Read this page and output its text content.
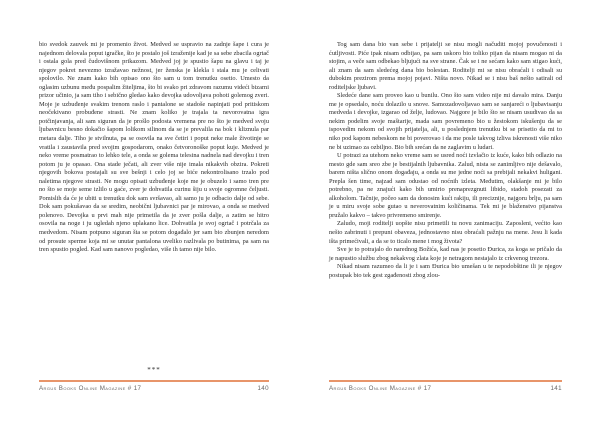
bio svedok zauvek mi je promenio život. Medved se uspravio na zadnje šape i cura je najednom delovala poput igračke, što je postalo još izraženije kad je sa sebe zbacila ogrtač i ostala gola pred čudovišnom prikazom. Medved joj je spustio šapu na glavu i taj je njegov pokret nevezmo izražavao nežnost, jer ženska je klekla i stala mu je celivati spolovilo. Ne znam kako bih opisao ono što sam u tom trenutku osetio. Umesto da oglasim uzbunu među pospalim žiteljima, što bi svako pri zdravom razumu videći bizarni prizor učinio, ja sam tiho i sebično gledao kako devojka udovoljava pohoti golemog zveri. Moje je uzbuđenje svakim trenom raslo i pantalone se stadoše napinjati pod pritiskom neočekivano probuđene strasti. Ne znam koliko je trajala ta nevorovatna igra potčinjavanja, ali sam siguran da je prošlo podosta vremena pre no što je medved svoju ljubavnicu besno dokačio šapom lolikom silinom da se je prevalila na bok i kliznula par metara dalje. Tiho je stvilnuta, pa se osovila na sve četiri i poput neke male životinje se vratila i zaustavila pred svojim gospodarom, onako četvoronoške poput kuje. Medved je neko vreme posmatrao to lehko tele, a onda se golema telesina nadnela nad devojku i tren potom ju je opasao. Ona stade ječati, ali zver više nije imala nikakvih obzira. Pokreti njegovih bokova postajali su sve bešnji i celo joj se biće nekontrolisano trzalo pod naletima njegove strasti. Ne mogu opisati uzbuđenje koje me je obuzelo i samo tren pre no što se moje seme izlilo u gaće, zver je dohvatila curinu šiju u svoje ogromne čeljusti. Pomislih da će je ubiti u trenutku dok sam svršavao, ali samo ju je odbacio dalje od sebe. Dok sam pokušavao da se sredim, neobični ljubavnici par je mirovao, a onda se medved polenovo. Devojka u prvi mah nije primetila da je zver pošla dalje, a zatim se hitro osovila na noge i ju ugledah njeno uplakano lice. Dohvatila je svoj ogrtač i potrčala za medvedom. Nisam potpuno siguran šta se potom događalo jer sam bio zbunjen neredom od prosute sperme koja mi se unutar pantalona uvelikо razlivala po butinima, pa sam na tren spustio pogled. Kad sam nanovo pogledao, više ih tamo nije bilo.

***
Argus Books Online Magazine # 17	140

Tog sam dana bio van sebe i prijatelji se nisu mogli načuditi mojoj povučenosti i ćutljivosti. Piće ipak nisam odbijao, pa sam uskoro bio toliko pijan da nisam mogao ni da stojim, a veče sam odbekao bljujući na sve strane. Čak se i ne sećam kako sam stigao kući, ali znam da sam sledećeg dana bio bolestan. Roditelji mi se nisu obraćali i odisali su dubokim prezirom prema mojoj pojavi. Ništa novo. Nikad se i nisu baš nešto satirali od roditeljske ljubavi.

Sledeće dane sam proveo kao u bunilu. Ono što sam video nije mi davalo mira. Danju me je opsedalo, noću dolazilo u snove. Samozadovoljavao sam se sanjareći o ljubavisanju medveda i devojke, izgarao od želje, ludovao. Najgore je bilo što se nisam usudivao da sa nekim podelim svoje maštarije, mada sam povremeno bio u žestokom iskušenju da se ispovedim nekom od svojih prijatelja, ali, u poslednjem trenutku bi se prisetio da mi to niko pod kapom nebeskom ne bi poverovao i da me posle takvog izlivа iskrenosti više niko ne bi uzimao za ozbiljno. Bio bih srećan da ne zaglavim u ludari.

U potrazi za utehom neko vreme sam se usred noći izvlačio iz kuće, kako bih odlazio na mesto gde sam sreo zbe je bestijalnih ljubavnika. Zalud, nista se zanimljivo nije dešavalo, barem ništa slično onom događaju, a onda su me jedne noći sa prebijali nekakvi huligani. Prepla šen time, najzad sam odustao od noćnih izleta. Međutim, olakšanje mi je bilo potrebno, pa ne znajući kako bih umirio prenaprezgnuti libido, stadoh posezati za alkoholom. Tačnije, počeo sam da donosim kući rakiju, ili preciznije, najgoru brlju, pa sam je u miru svoje sobe gutao u neverovatnim količinama. Tek mi je blaženstvo pijanstva pružalo kakvo – takvo privremeno smirenje.

Zaludo, moji roditelji uopšte nisu primetili tu novu zanimaciju. Zaposleni, većito kao nešto zabrinuti i prepuni obaveza, jednostavno nisu obraćali pažnju na mene. Jesu li kada išta primećivali, a da se to ticalo mene i mog života?

Sve je to potrajalo do narednog Božića, kad nas je posetio Đurica, za koga se pričalo da je napustio službu zbog nekakvog zlata koje je netragom nestajalo iz crkvenog trezora.

Nikad nisam razumeo da li je i sam Đurica bio umešan u te nepodobštine ili je njegov postupak bio tek gest zgađenosti zbog zlou-

Argus Books Online Magazine # 17	141
